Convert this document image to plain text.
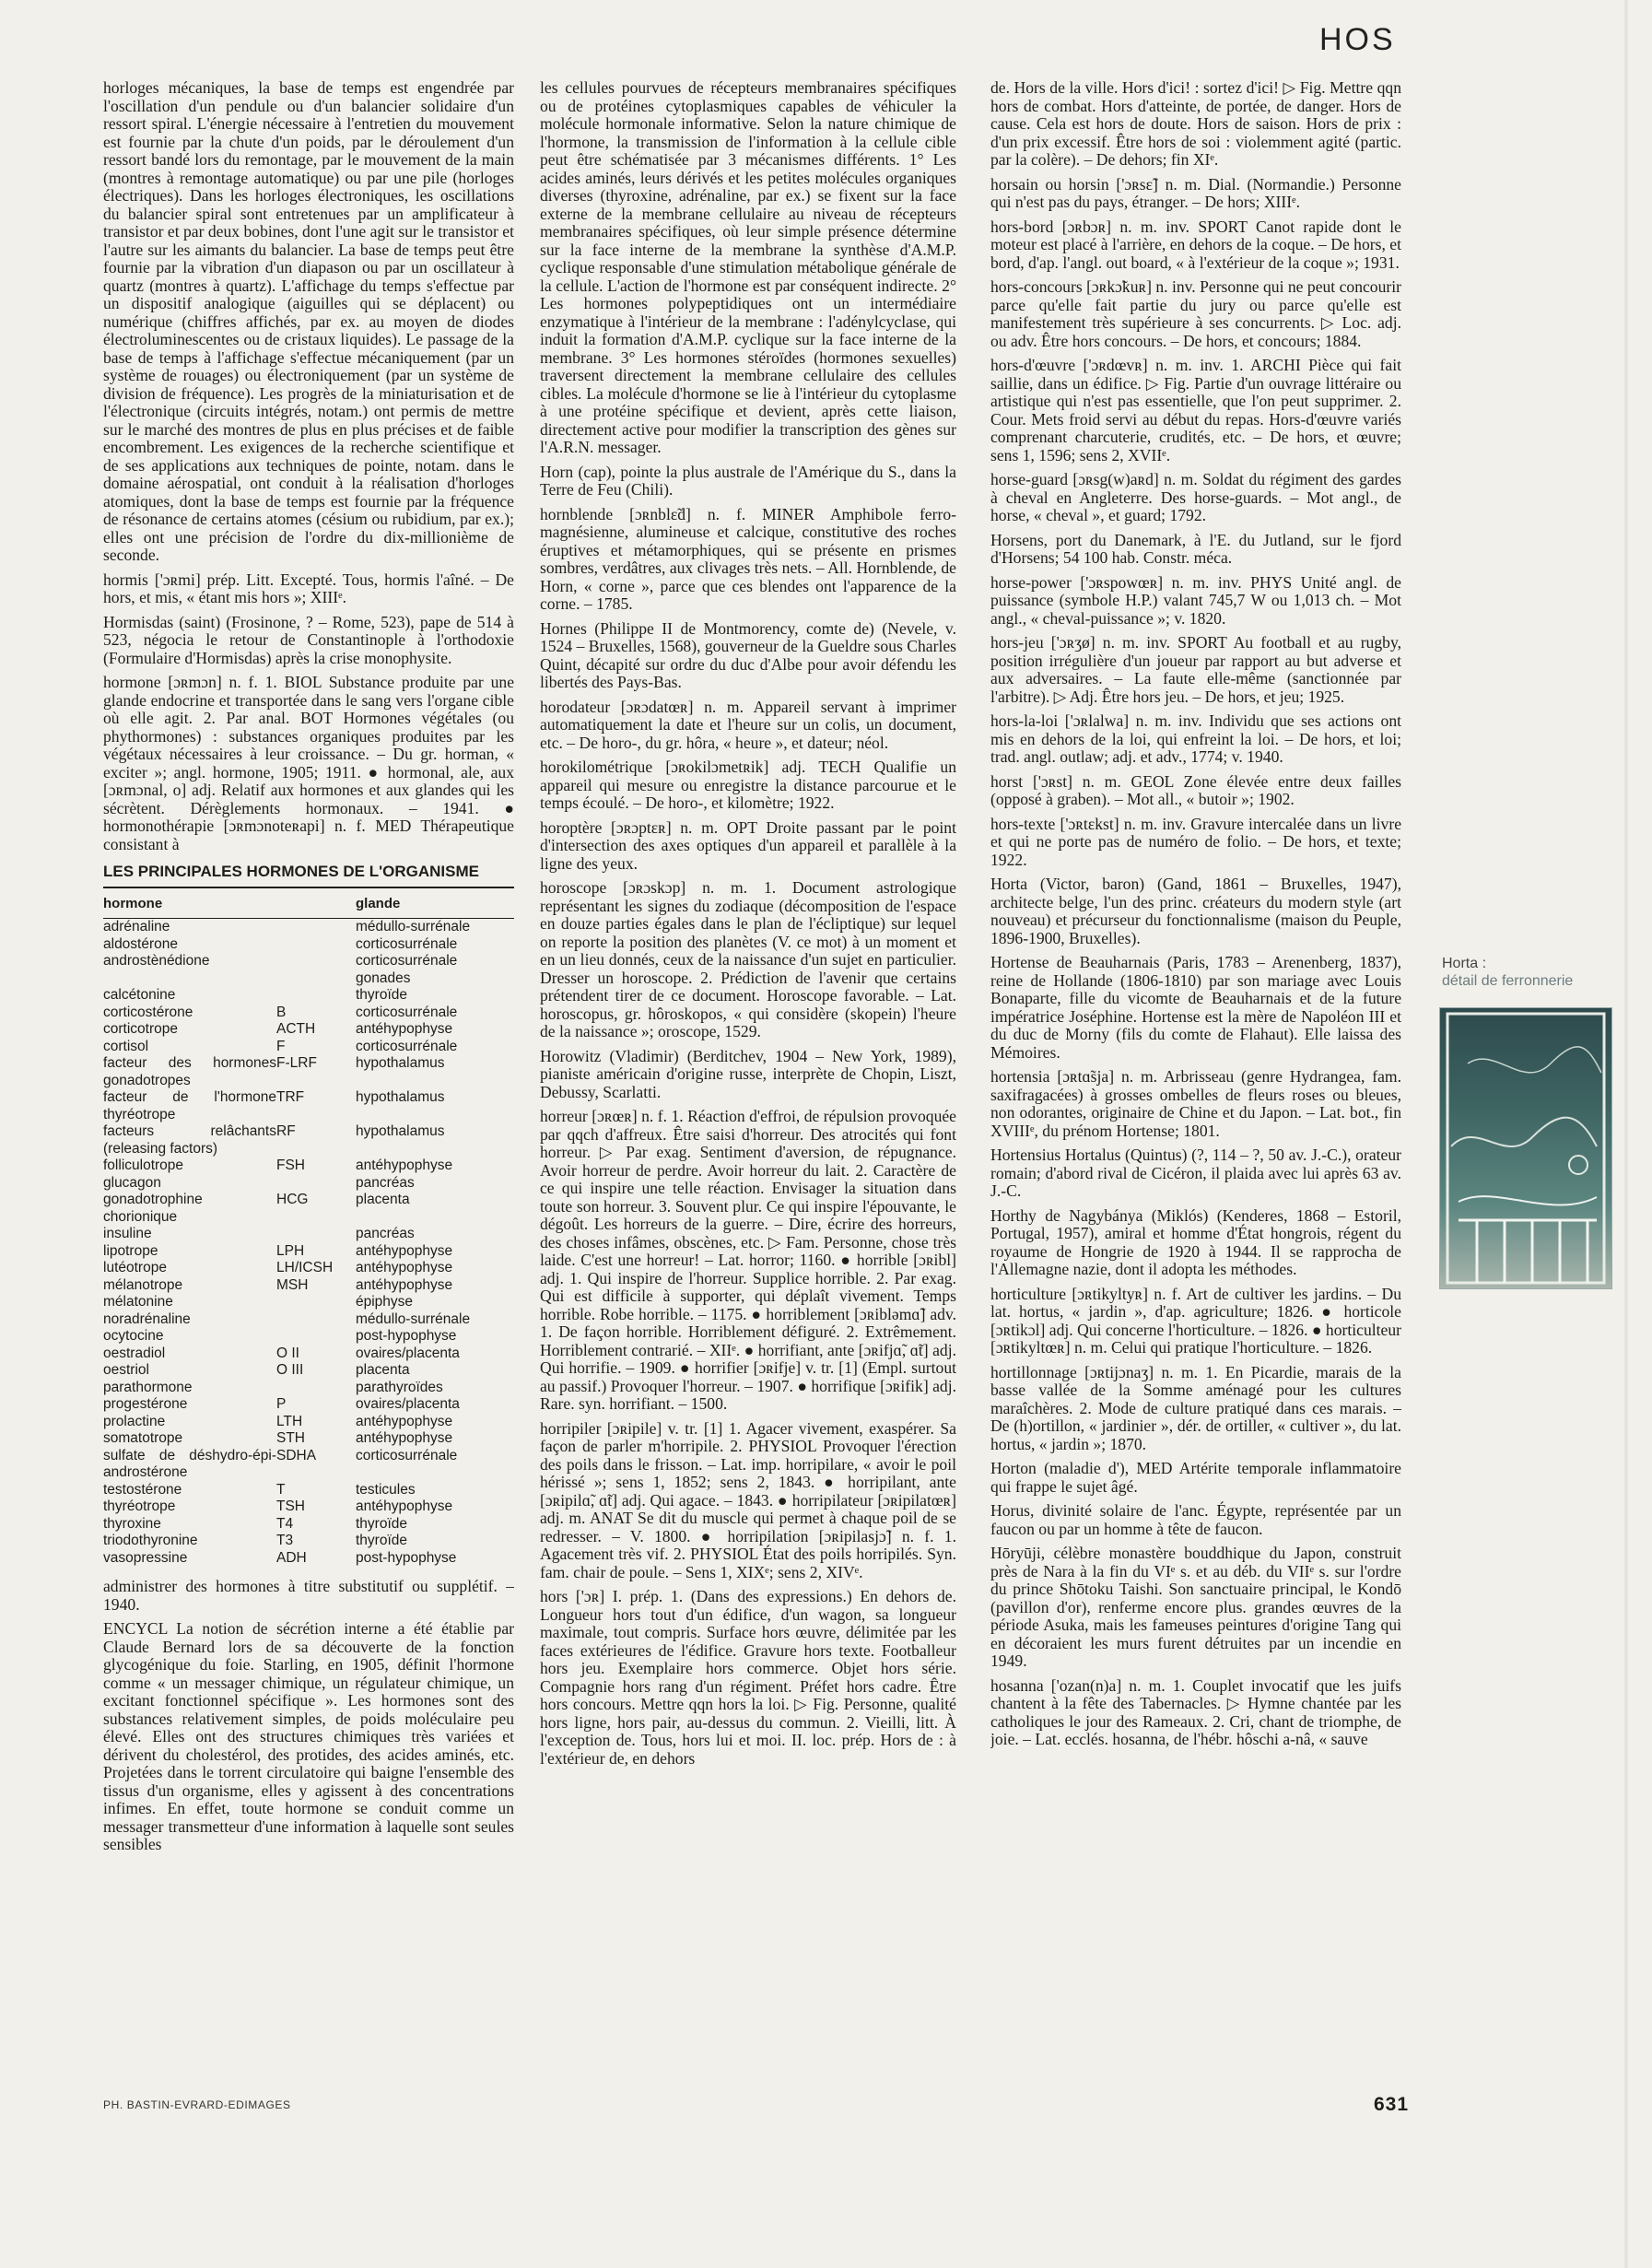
HOS

horloges mécaniques, la base de temps est engendrée par l'oscillation d'un pendule ou d'un balancier solidaire d'un ressort spiral. L'énergie nécessaire à l'entretien du mouvement est fournie par la chute d'un poids, par le déroulement d'un ressort bandé lors du remontage, par le mouvement de la main (montres à remontage automatique) ou par une pile (horloges électriques). Dans les horloges électroniques, les oscillations du balancier spiral sont entretenues par un amplificateur à transistor et par deux bobines, dont l'une agit sur le transistor et l'autre sur les aimants du balancier. La base de temps peut être fournie par la vibration d'un diapason ou par un oscillateur à quartz (montres à quartz). L'affichage du temps s'effectue par un dispositif analogique (aiguilles qui se déplacent) ou numérique (chiffres affichés, par ex. au moyen de diodes électroluminescentes ou de cristaux liquides). Le passage de la base de temps à l'affichage s'effectue mécaniquement (par un système de rouages) ou électroniquement (par un système de division de fréquence). Les progrès de la miniaturisation et de l'électronique (circuits intégrés, notam.) ont permis de mettre sur le marché des montres de plus en plus précises et de faible encombrement. Les exigences de la recherche scientifique et de ses applications aux techniques de pointe, notam. dans le domaine aérospatial, ont conduit à la réalisation d'horloges atomiques, dont la base de temps est fournie par la fréquence de résonance de certains atomes (césium ou rubidium, par ex.); elles ont une précision de l'ordre du dix-millionième de seconde.

hormis ['ɔʀmi] prép. Litt. Excepté. Tous, hormis l'aîné. – De hors, et mis, « étant mis hors »; XIIIᵉ.

Hormisdas (saint) (Frosinone, ? – Rome, 523), pape de 514 à 523, négocia le retour de Constantinople à l'orthodoxie (Formulaire d'Hormisdas) après la crise monophysite.

hormone [ɔʀmɔn] n. f. 1. BIOL Substance produite par une glande endocrine et transportée dans le sang vers l'organe cible où elle agit. 2. Par anal. BOT Hormones végétales (ou phythormones) : substances organiques produites par les végétaux nécessaires à leur croissance. – Du gr. horman, « exciter »; angl. hormone, 1905; 1911. ● hormonal, ale, aux [ɔʀmɔnal, o] adj. Relatif aux hormones et aux glandes qui les sécrètent. Dérèglements hormonaux. – 1941. ● hormonothérapie [ɔʀmɔnoteʀapi] n. f. MED Thérapeutique consistant à

LES PRINCIPALES HORMONES DE L'ORGANISME
hormone		glande
adrénaline		médullo-surrénale
aldostérone		corticosurrénale
androstènédione		corticosurrénale gonades
calcétonine		thyroïde
corticostérone	B	corticosurrénale
corticotrope	ACTH	antéhypophyse
cortisol	F	corticosurrénale
facteur des hormones gonadotropes	F-LRF	hypothalamus
facteur de l'hormone thyréotrope	TRF	hypothalamus
facteurs relâchants (releasing factors)	RF	hypothalamus
folliculotrope	FSH	antéhypophyse
glucagon		pancréas
gonadotrophine chorionique	HCG	placenta
insuline		pancréas
lipotrope	LPH	antéhypophyse
lutéotrope	LH/ICSH	antéhypophyse
mélanotrope	MSH	antéhypophyse
mélatonine		épiphyse
noradrénaline		médullo-surrénale
ocytocine		post-hypophyse
oestradiol	O II	ovaires/placenta
oestriol	O III	placenta
parathormone		parathyroïdes
progestérone	P	ovaires/placenta
prolactine	LTH	antéhypophyse
somatotrope	STH	antéhypophyse
sulfate de déshydro-épi-androstérone	SDHA	corticosurrénale
testostérone	T	testicules
thyréotrope	TSH	antéhypophyse
thyroxine	T4	thyroïde
triodothyronine	T3	thyroïde
vasopressine	ADH	post-hypophyse

administrer des hormones à titre substitutif ou supplétif. – 1940.

ENCYCL La notion de sécrétion interne a été établie par Claude Bernard lors de sa découverte de la fonction glycogénique du foie. Starling, en 1905, définit l'hormone comme « un messager chimique, un régulateur chimique, un excitant fonctionnel spécifique ». Les hormones sont des substances relativement simples, de poids moléculaire peu élevé. Elles ont des structures chimiques très variées et dérivent du cholestérol, des protides, des acides aminés, etc. Projetées dans le torrent circulatoire qui baigne l'ensemble des tissus d'un organisme, elles y agissent à des concentrations infimes. En effet, toute hormone se conduit comme un messager transmetteur d'une information à laquelle sont seules sensibles

les cellules pourvues de récepteurs membranaires spécifiques ou de protéines cytoplasmiques capables de véhiculer la molécule hormonale informative. Selon la nature chimique de l'hormone, la transmission de l'information à la cellule cible peut être schématisée par 3 mécanismes différents. 1° Les acides aminés, leurs dérivés et les petites molécules organiques diverses (thyroxine, adrénaline, par ex.) se fixent sur la face externe de la membrane cellulaire au niveau de récepteurs membranaires spécifiques, où leur simple présence détermine sur la face interne de la membrane la synthèse d'A.M.P. cyclique responsable d'une stimulation métabolique générale de la cellule. L'action de l'hormone est par conséquent indirecte. 2° Les hormones polypeptidiques ont un intermédiaire enzymatique à l'intérieur de la membrane : l'adénylcyclase, qui induit la formation d'A.M.P. cyclique sur la face interne de la membrane. 3° Les hormones stéroïdes (hormones sexuelles) traversent directement la membrane cellulaire des cellules cibles. La molécule d'hormone se lie à l'intérieur du cytoplasme à une protéine spécifique et devient, après cette liaison, directement active pour modifier la transcription des gènes sur l'A.R.N. messager.

Horn (cap), pointe la plus australe de l'Amérique du S., dans la Terre de Feu (Chili).

hornblende [ɔʀnblɛ̃d] n. f. MINER Amphibole ferro-magnésienne, alumineuse et calcique, constitutive des roches éruptives et métamorphiques, qui se présente en prismes sombres, verdâtres, aux clivages très nets. – All. Hornblende, de Horn, « corne », parce que ces blendes ont l'apparence de la corne. – 1785.

Hornes (Philippe II de Montmorency, comte de) (Nevele, v. 1524 – Bruxelles, 1568), gouverneur de la Gueldre sous Charles Quint, décapité sur ordre du duc d'Albe pour avoir défendu les libertés des Pays-Bas.

horodateur [ɔʀɔdatœʀ] n. m. Appareil servant à imprimer automatiquement la date et l'heure sur un colis, un document, etc. – De horo-, du gr. hôra, « heure », et dateur; néol.

horokilométrique [ɔʀokilɔmetʀik] adj. TECH Qualifie un appareil qui mesure ou enregistre la distance parcourue et le temps écoulé. – De horo-, et kilomètre; 1922.

horoptère [ɔʀɔptɛʀ] n. m. OPT Droite passant par le point d'intersection des axes optiques d'un appareil et parallèle à la ligne des yeux.

horoscope [ɔʀɔskɔp] n. m. 1. Document astrologique représentant les signes du zodiaque (décomposition de l'espace en douze parties égales dans le plan de l'écliptique) sur lequel on reporte la position des planètes (V. ce mot) à un moment et en un lieu donnés, ceux de la naissance d'un sujet en particulier. Dresser un horoscope. 2. Prédiction de l'avenir que certains prétendent tirer de ce document. Horoscope favorable. – Lat. horoscopus, gr. hôroskopos, « qui considère (skopein) l'heure de la naissance »; oroscope, 1529.

Horowitz (Vladimir) (Berditchev, 1904 – New York, 1989), pianiste américain d'origine russe, interprète de Chopin, Liszt, Debussy, Scarlatti.

horreur [ɔʀœʀ] n. f. 1. Réaction d'effroi, de répulsion provoquée par qqch d'affreux. Être saisi d'horreur. Des atrocités qui font horreur. ▷ Par exag. Sentiment d'aversion, de répugnance. Avoir horreur de perdre. Avoir horreur du lait. 2. Caractère de ce qui inspire une telle réaction. Envisager la situation dans toute son horreur. 3. Souvent plur. Ce qui inspire l'épouvante, le dégoût. Les horreurs de la guerre. – Dire, écrire des horreurs, des choses infâmes, obscènes, etc. ▷ Fam. Personne, chose très laide. C'est une horreur! – Lat. horror; 1160. ● horrible [ɔʀibl] adj. 1. Qui inspire de l'horreur. Supplice horrible. 2. Par exag. Qui est difficile à supporter, qui déplaît vivement. Temps horrible. Robe horrible. – 1175. ● horriblement [ɔʀibləmɑ̃] adv. 1. De façon horrible. Horriblement défiguré. 2. Extrêmement. Horriblement contrarié. – XIIᵉ. ● horrifiant, ante [ɔʀifjɑ̃, ɑ̃t] adj. Qui horrifie. – 1909. ● horrifier [ɔʀifje] v. tr. [1] (Empl. surtout au passif.) Provoquer l'horreur. – 1907. ● horrifique [ɔʀifik] adj. Rare. syn. horrifiant. – 1500.

horripiler [ɔʀipile] v. tr. [1] 1. Agacer vivement, exaspérer. Sa façon de parler m'horripile. 2. PHYSIOL Provoquer l'érection des poils dans le frisson. – Lat. imp. horripilare, « avoir le poil hérissé »; sens 1, 1852; sens 2, 1843. ● horripilant, ante [ɔʀipilɑ̃, ɑ̃t] adj. Qui agace. – 1843. ● horripilateur [ɔʀipilatœʀ] adj. m. ANAT Se dit du muscle qui permet à chaque poil de se redresser. – V. 1800. ● horripilation [ɔʀipilasjɔ̃] n. f. 1. Agacement très vif. 2. PHYSIOL État des poils horripilés. Syn. fam. chair de poule. – Sens 1, XIXᵉ; sens 2, XIVᵉ.

hors ['ɔʀ] I. prép. 1. (Dans des expressions.) En dehors de. Longueur hors tout d'un édifice, d'un wagon, sa longueur maximale, tout compris. Surface hors œuvre, délimitée par les faces extérieures de l'édifice. Gravure hors texte. Footballeur hors jeu. Exemplaire hors commerce. Objet hors série. Compagnie hors rang d'un régiment. Préfet hors cadre. Être hors concours. Mettre qqn hors la loi. ▷ Fig. Personne, qualité hors ligne, hors pair, au-dessus du commun. 2. Vieilli, litt. À l'exception de. Tous, hors lui et moi. II. loc. prép. Hors de : à l'extérieur de, en dehors

de. Hors de la ville. Hors d'ici! : sortez d'ici! ▷ Fig. Mettre qqn hors de combat. Hors d'atteinte, de portée, de danger. Hors de cause. Cela est hors de doute. Hors de saison. Hors de prix : d'un prix excessif. Être hors de soi : violemment agité (partic. par la colère). – De dehors; fin XIᵉ.

horsain ou horsin ['ɔʀsɛ̃] n. m. Dial. (Normandie.) Personne qui n'est pas du pays, étranger. – De hors; XIIIᵉ.

hors-bord [ɔʀbɔʀ] n. m. inv. SPORT Canot rapide dont le moteur est placé à l'arrière, en dehors de la coque. – De hors, et bord, d'ap. l'angl. out board, « à l'extérieur de la coque »; 1931.

hors-concours [ɔʀkɔ̃kuʀ] n. inv. Personne qui ne peut concourir parce qu'elle fait partie du jury ou parce qu'elle est manifestement très supérieure à ses concurrents. ▷ Loc. adj. ou adv. Être hors concours. – De hors, et concours; 1884.

hors-d'œuvre ['ɔʀdœvʀ] n. m. inv. 1. ARCHI Pièce qui fait saillie, dans un édifice. ▷ Fig. Partie d'un ouvrage littéraire ou artistique qui n'est pas essentielle, que l'on peut supprimer. 2. Cour. Mets froid servi au début du repas. Hors-d'œuvre variés comprenant charcuterie, crudités, etc. – De hors, et œuvre; sens 1, 1596; sens 2, XVIIᵉ.

horse-guard [ɔʀsg(w)aʀd] n. m. Soldat du régiment des gardes à cheval en Angleterre. Des horse-guards. – Mot angl., de horse, « cheval », et guard; 1792.

Horsens, port du Danemark, à l'E. du Jutland, sur le fjord d'Horsens; 54 100 hab. Constr. méca.

horse-power ['ɔʀspowœʀ] n. m. inv. PHYS Unité angl. de puissance (symbole H.P.) valant 745,7 W ou 1,013 ch. – Mot angl., « cheval-puissance »; v. 1820.

hors-jeu ['ɔʀʒø] n. m. inv. SPORT Au football et au rugby, position irrégulière d'un joueur par rapport au but adverse et aux adversaires. – La faute elle-même (sanctionnée par l'arbitre). ▷ Adj. Être hors jeu. – De hors, et jeu; 1925.

hors-la-loi ['ɔʀlalwa] n. m. inv. Individu que ses actions ont mis en dehors de la loi, qui enfreint la loi. – De hors, et loi; trad. angl. outlaw; adj. et adv., 1774; v. 1940.

horst ['ɔʀst] n. m. GEOL Zone élevée entre deux failles (opposé à graben). – Mot all., « butoir »; 1902.

hors-texte ['ɔʀtɛkst] n. m. inv. Gravure intercalée dans un livre et qui ne porte pas de numéro de folio. – De hors, et texte; 1922.

Horta (Victor, baron) (Gand, 1861 – Bruxelles, 1947), architecte belge, l'un des princ. créateurs du modern style (art nouveau) et précurseur du fonctionnalisme (maison du Peuple, 1896-1900, Bruxelles).

Hortense de Beauharnais (Paris, 1783 – Arenenberg, 1837), reine de Hollande (1806-1810) par son mariage avec Louis Bonaparte, fille du vicomte de Beauharnais et de la future impératrice Joséphine. Hortense est la mère de Napoléon III et du duc de Morny (fils du comte de Flahaut). Elle laissa des Mémoires.

hortensia [ɔʀtɑ̃sja] n. m. Arbrisseau (genre Hydrangea, fam. saxifragacées) à grosses ombelles de fleurs roses ou bleues, non odorantes, originaire de Chine et du Japon. – Lat. bot., fin XVIIIᵉ, du prénom Hortense; 1801.

Hortensius Hortalus (Quintus) (?, 114 – ?, 50 av. J.-C.), orateur romain; d'abord rival de Cicéron, il plaida avec lui après 63 av. J.-C.

Horthy de Nagybánya (Miklós) (Kenderes, 1868 – Estoril, Portugal, 1957), amiral et homme d'État hongrois, régent du royaume de Hongrie de 1920 à 1944. Il se rapprocha de l'Allemagne nazie, dont il adopta les méthodes.

horticulture [ɔʀtikyltyʀ] n. f. Art de cultiver les jardins. – Du lat. hortus, « jardin », d'ap. agriculture; 1826. ● horticole [ɔʀtikɔl] adj. Qui concerne l'horticulture. – 1826. ● horticulteur [ɔʀtikyltœʀ] n. m. Celui qui pratique l'horticulture. – 1826.

hortillonnage [ɔʀtijɔnaʒ] n. m. 1. En Picardie, marais de la basse vallée de la Somme aménagé pour les cultures maraîchères. 2. Mode de culture pratiqué dans ces marais. – De (h)ortillon, « jardinier », dér. de ortiller, « cultiver », du lat. hortus, « jardin »; 1870.

Horton (maladie d'), MED Artérite temporale inflammatoire qui frappe le sujet âgé.

Horus, divinité solaire de l'anc. Égypte, représentée par un faucon ou par un homme à tête de faucon.

Hōryūji, célèbre monastère bouddhique du Japon, construit près de Nara à la fin du VIᵉ s. et au déb. du VIIᵉ s. sur l'ordre du prince Shōtoku Taishi. Son sanctuaire principal, le Kondō (pavillon d'or), renferme encore plus. grandes œuvres de la période Asuka, mais les fameuses peintures d'origine Tang qui en décoraient les murs furent détruites par un incendie en 1949.

hosanna ['ozan(n)a] n. m. 1. Couplet invocatif que les juifs chantent à la fête des Tabernacles. ▷ Hymne chantée par les catholiques le jour des Rameaux. 2. Cri, chant de triomphe, de joie. – Lat. ecclés. hosanna, de l'hébr. hôschi a-nâ, « sauve

Horta :
détail de ferronnerie
PH. BASTIN-EVRARD-EDIMAGES	631
